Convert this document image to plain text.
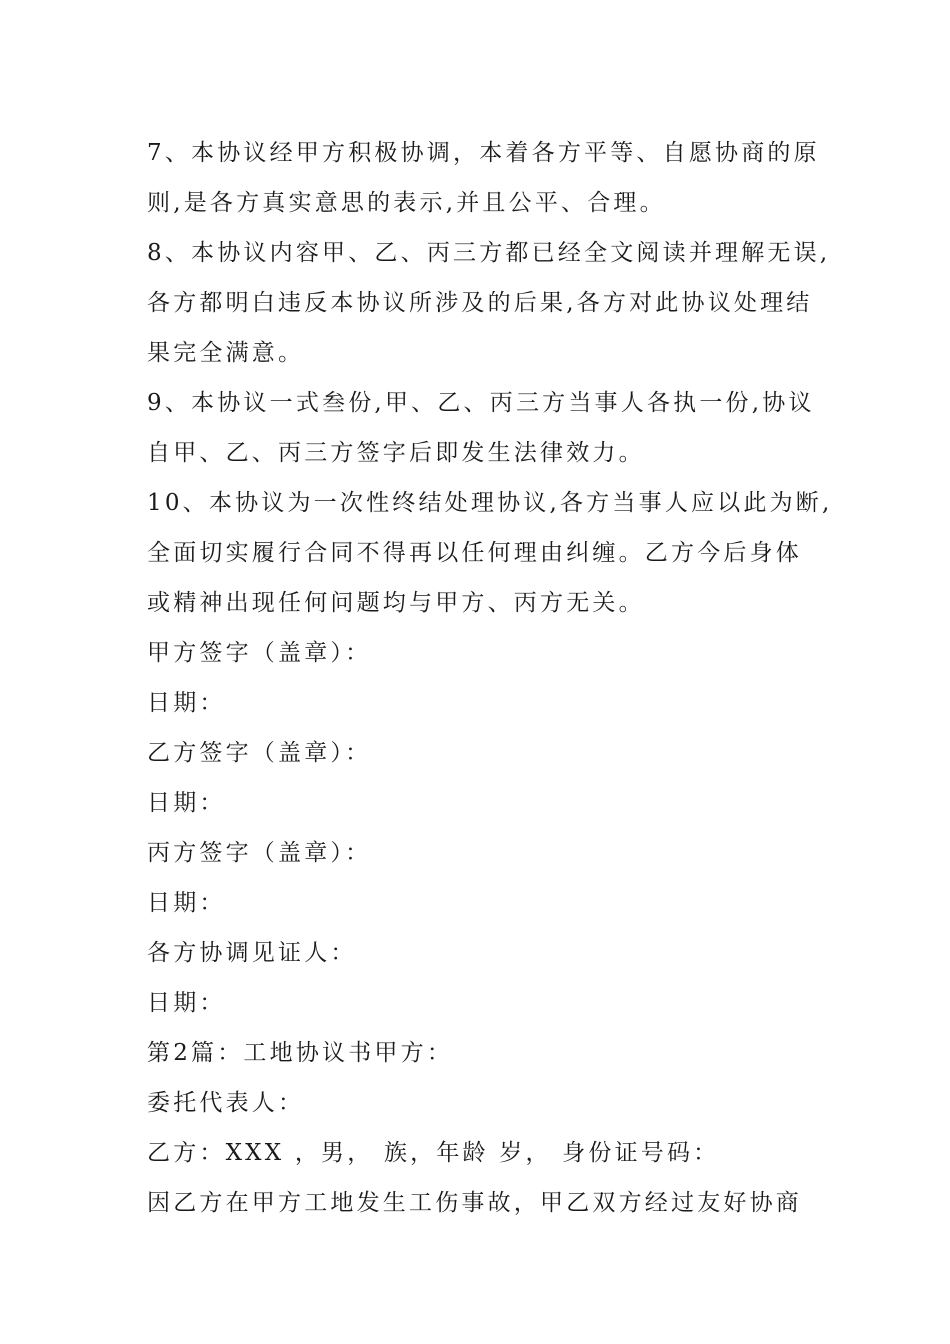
7、本协议经甲方积极协调，本着各方平等、自愿协商的原
则,是各方真实意思的表示,并且公平、合理。
8、本协议内容甲、乙、丙三方都已经全文阅读并理解无误,
各方都明白违反本协议所涉及的后果,各方对此协议处理结
果完全满意。
9、本协议一式叁份,甲、乙、丙三方当事人各执一份,协议
自甲、乙、丙三方签字后即发生法律效力。
10、本协议为一次性终结处理协议,各方当事人应以此为断,
全面切实履行合同不得再以任何理由纠缠。乙方今后身体
或精神出现任何问题均与甲方、丙方无关。
甲方签字（盖章）：
日期：
乙方签字（盖章）：
日期：
丙方签字（盖章）：
日期：
各方协调见证人：
日期：
第2篇：工地协议书甲方：
委托代表人：
乙方：XXX ，男， 族，年龄 岁， 身份证号码：
因乙方在甲方工地发生工伤事故，甲乙双方经过友好协商
